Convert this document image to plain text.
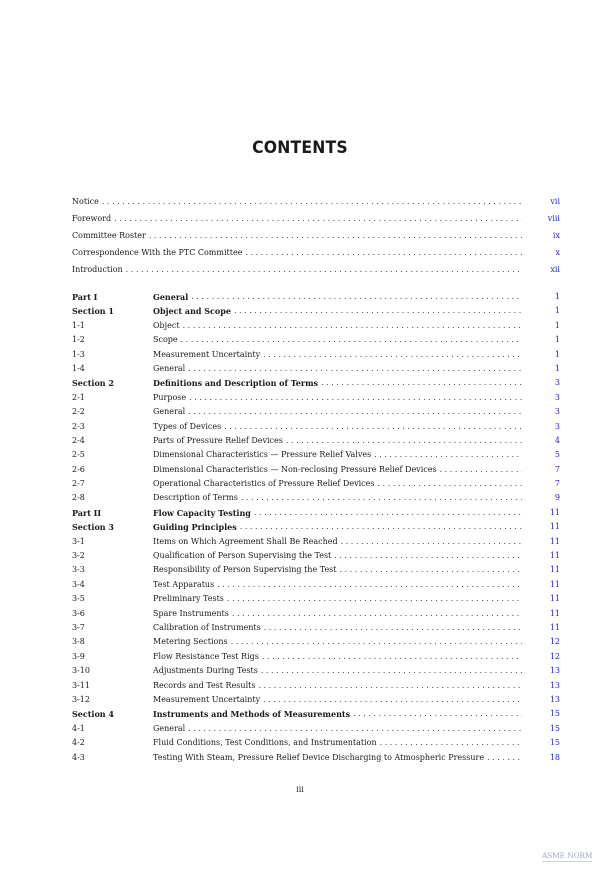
CONTENTS
Notice . . .	vii
Foreword . . .	viii
Committee Roster . . .	ix
Correspondence With the PTC Committee . . .	x
Introduction . . .	xii
Part I	General . . .	1
Section 1	Object and Scope . . .	1
1-1	Object . . .	1
1-2	Scope . . .	1
1-3	Measurement Uncertainty . . .	1
1-4	General . . .	1
Section 2	Definitions and Description of Terms . . .	3
2-1	Purpose . . .	3
2-2	General . . .	3
2-3	Types of Devices . . .	3
2-4	Parts of Pressure Relief Devices . . .	4
2-5	Dimensional Characteristics — Pressure Relief Valves . . .	5
2-6	Dimensional Characteristics — Non-reclosing Pressure Relief Devices . . .	7
2-7	Operational Characteristics of Pressure Relief Devices . . .	7
2-8	Description of Terms . . .	9
Part II	Flow Capacity Testing . . .	11
Section 3	Guiding Principles . . .	11
3-1	Items on Which Agreement Shall Be Reached . . .	11
3-2	Qualification of Person Supervising the Test . . .	11
3-3	Responsibility of Person Supervising the Test . . .	11
3-4	Test Apparatus . . .	11
3-5	Preliminary Tests . . .	11
3-6	Spare Instruments . . .	11
3-7	Calibration of Instruments . . .	11
3-8	Metering Sections . . .	12
3-9	Flow Resistance Test Rigs . . .	12
3-10	Adjustments During Tests . . .	13
3-11	Records and Test Results . . .	13
3-12	Measurement Uncertainty . . .	13
Section 4	Instruments and Methods of Measurements . . .	15
4-1	General . . .	15
4-2	Fluid Conditions, Test Conditions, and Instrumentation . . .	15
4-3	Testing With Steam, Pressure Relief Device Discharging to Atmospheric Pressure . . .	18
iii
ASME NORM
